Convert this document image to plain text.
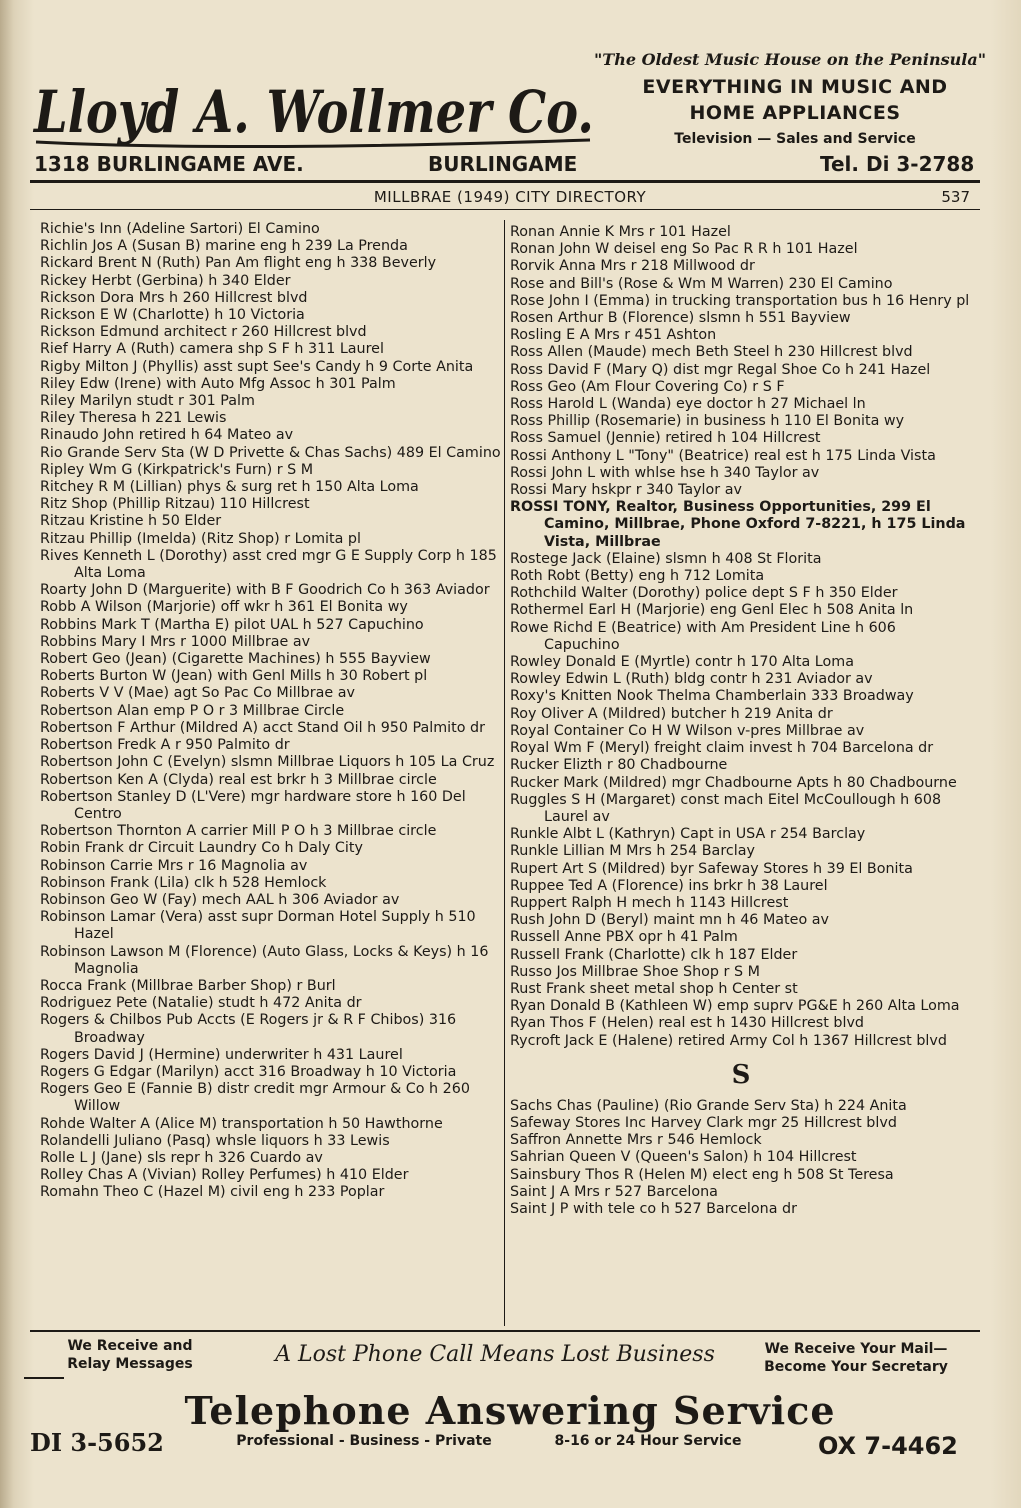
Lloyd A. Wollmer Co.
"The Oldest Music House on the Peninsula"
EVERYTHING IN MUSIC AND
HOME APPLIANCES
Television — Sales and Service
1318 BURLINGAME AVE.	BURLINGAME	Tel. Di 3-2788
MILLBRAE (1949) CITY DIRECTORY	537

Richie's Inn (Adeline Sartori) El Camino

Richlin Jos A (Susan B) marine eng h 239 La Prenda

Rickard Brent N (Ruth) Pan Am flight eng h 338 Beverly

Rickey Herbt (Gerbina) h 340 Elder

Rickson Dora Mrs h 260 Hillcrest blvd

Rickson E W (Charlotte) h 10 Victoria

Rickson Edmund architect r 260 Hillcrest blvd

Rief Harry A (Ruth) camera shp S F h 311 Laurel

Rigby Milton J (Phyllis) asst supt See's Candy h 9 Corte Anita

Riley Edw (Irene) with Auto Mfg Assoc h 301 Palm

Riley Marilyn studt r 301 Palm

Riley Theresa h 221 Lewis

Rinaudo John retired h 64 Mateo av

Rio Grande Serv Sta (W D Privette & Chas Sachs) 489 El Camino

Ripley Wm G (Kirkpatrick's Furn) r S M

Ritchey R M (Lillian) phys & surg ret h 150 Alta Loma

Ritz Shop (Phillip Ritzau) 110 Hillcrest

Ritzau Kristine h 50 Elder

Ritzau Phillip (Imelda) (Ritz Shop) r Lomita pl

Rives Kenneth L (Dorothy) asst cred mgr G E Supply Corp h 185 Alta Loma

Roarty John D (Marguerite) with B F Goodrich Co h 363 Aviador

Robb A Wilson (Marjorie) off wkr h 361 El Bonita wy

Robbins Mark T (Martha E) pilot UAL h 527 Capuchino

Robbins Mary I Mrs r 1000 Millbrae av

Robert Geo (Jean) (Cigarette Machines) h 555 Bayview

Roberts Burton W (Jean) with Genl Mills h 30 Robert pl

Roberts V V (Mae) agt So Pac Co Millbrae av

Robertson Alan emp P O r 3 Millbrae Circle

Robertson F Arthur (Mildred A) acct Stand Oil h 950 Palmito dr

Robertson Fredk A r 950 Palmito dr

Robertson John C (Evelyn) slsmn Millbrae Liquors h 105 La Cruz

Robertson Ken A (Clyda) real est brkr h 3 Millbrae circle

Robertson Stanley D (L'Vere) mgr hardware store h 160 Del Centro

Robertson Thornton A carrier Mill P O h 3 Millbrae circle

Robin Frank dr Circuit Laundry Co h Daly City

Robinson Carrie Mrs r 16 Magnolia av

Robinson Frank (Lila) clk h 528 Hemlock

Robinson Geo W (Fay) mech AAL h 306 Aviador av

Robinson Lamar (Vera) asst supr Dorman Hotel Supply h 510 Hazel

Robinson Lawson M (Florence) (Auto Glass, Locks & Keys) h 16 Magnolia

Rocca Frank (Millbrae Barber Shop) r Burl

Rodriguez Pete (Natalie) studt h 472 Anita dr

Rogers & Chilbos Pub Accts (E Rogers jr & R F Chibos) 316 Broadway

Rogers David J (Hermine) underwriter h 431 Laurel

Rogers G Edgar (Marilyn) acct 316 Broadway h 10 Victoria

Rogers Geo E (Fannie B) distr credit mgr Armour & Co h 260 Willow

Rohde Walter A (Alice M) transportation h 50 Hawthorne

Rolandelli Juliano (Pasq) whsle liquors h 33 Lewis

Rolle L J (Jane) sls repr h 326 Cuardo av

Rolley Chas A (Vivian) Rolley Perfumes) h 410 Elder

Romahn Theo C (Hazel M) civil eng h 233 Poplar

Ronan Annie K Mrs r 101 Hazel

Ronan John W deisel eng So Pac R R h 101 Hazel

Rorvik Anna Mrs r 218 Millwood dr

Rose and Bill's (Rose & Wm M Warren) 230 El Camino

Rose John I (Emma) in trucking transportation bus h 16 Henry pl

Rosen Arthur B (Florence) slsmn h 551 Bayview

Rosling E A Mrs r 451 Ashton

Ross Allen (Maude) mech Beth Steel h 230 Hillcrest blvd

Ross David F (Mary Q) dist mgr Regal Shoe Co h 241 Hazel

Ross Geo (Am Flour Covering Co) r S F

Ross Harold L (Wanda) eye doctor h 27 Michael ln

Ross Phillip (Rosemarie) in business h 110 El Bonita wy

Ross Samuel (Jennie) retired h 104 Hillcrest

Rossi Anthony L "Tony" (Beatrice) real est h 175 Linda Vista

Rossi John L with whlse hse h 340 Taylor av

Rossi Mary hskpr r 340 Taylor av

ROSSI TONY, Realtor, Business Opportunities, 299 El Camino, Millbrae, Phone Oxford 7-8221, h 175 Linda Vista, Millbrae

Rostege Jack (Elaine) slsmn h 408 St Florita

Roth Robt (Betty) eng h 712 Lomita

Rothchild Walter (Dorothy) police dept S F h 350 Elder

Rothermel Earl H (Marjorie) eng Genl Elec h 508 Anita ln

Rowe Richd E (Beatrice) with Am President Line h 606 Capuchino

Rowley Donald E (Myrtle) contr h 170 Alta Loma

Rowley Edwin L (Ruth) bldg contr h 231 Aviador av

Roxy's Knitten Nook Thelma Chamberlain 333 Broadway

Roy Oliver A (Mildred) butcher h 219 Anita dr

Royal Container Co H W Wilson v-pres Millbrae av

Royal Wm F (Meryl) freight claim invest h 704 Barcelona dr

Rucker Elizth r 80 Chadbourne

Rucker Mark (Mildred) mgr Chadbourne Apts h 80 Chadbourne

Ruggles S H (Margaret) const mach Eitel McCoullough h 608 Laurel av

Runkle Albt L (Kathryn) Capt in USA r 254 Barclay

Runkle Lillian M Mrs h 254 Barclay

Rupert Art S (Mildred) byr Safeway Stores h 39 El Bonita

Ruppee Ted A (Florence) ins brkr h 38 Laurel

Ruppert Ralph H mech h 1143 Hillcrest

Rush John D (Beryl) maint mn h 46 Mateo av

Russell Anne PBX opr h 41 Palm

Russell Frank (Charlotte) clk h 187 Elder

Russo Jos Millbrae Shoe Shop r S M

Rust Frank sheet metal shop h Center st

Ryan Donald B (Kathleen W) emp suprv PG&E h 260 Alta Loma

Ryan Thos F (Helen) real est h 1430 Hillcrest blvd

Rycroft Jack E (Halene) retired Army Col h 1367 Hillcrest blvd

S

Sachs Chas (Pauline) (Rio Grande Serv Sta) h 224 Anita

Safeway Stores Inc Harvey Clark mgr 25 Hillcrest blvd

Saffron Annette Mrs r 546 Hemlock

Sahrian Queen V (Queen's Salon) h 104 Hillcrest

Sainsbury Thos R (Helen M) elect eng h 508 St Teresa

Saint J A Mrs r 527 Barcelona

Saint J P with tele co h 527 Barcelona dr

We Receive and Relay Messages	A Lost Phone Call Means Lost Business	We Receive Your Mail— Become Your Secretary
Telephone Answering Service
DI 3-5652	Professional - Business - Private	8-16 or 24 Hour Service	OX 7-4462
